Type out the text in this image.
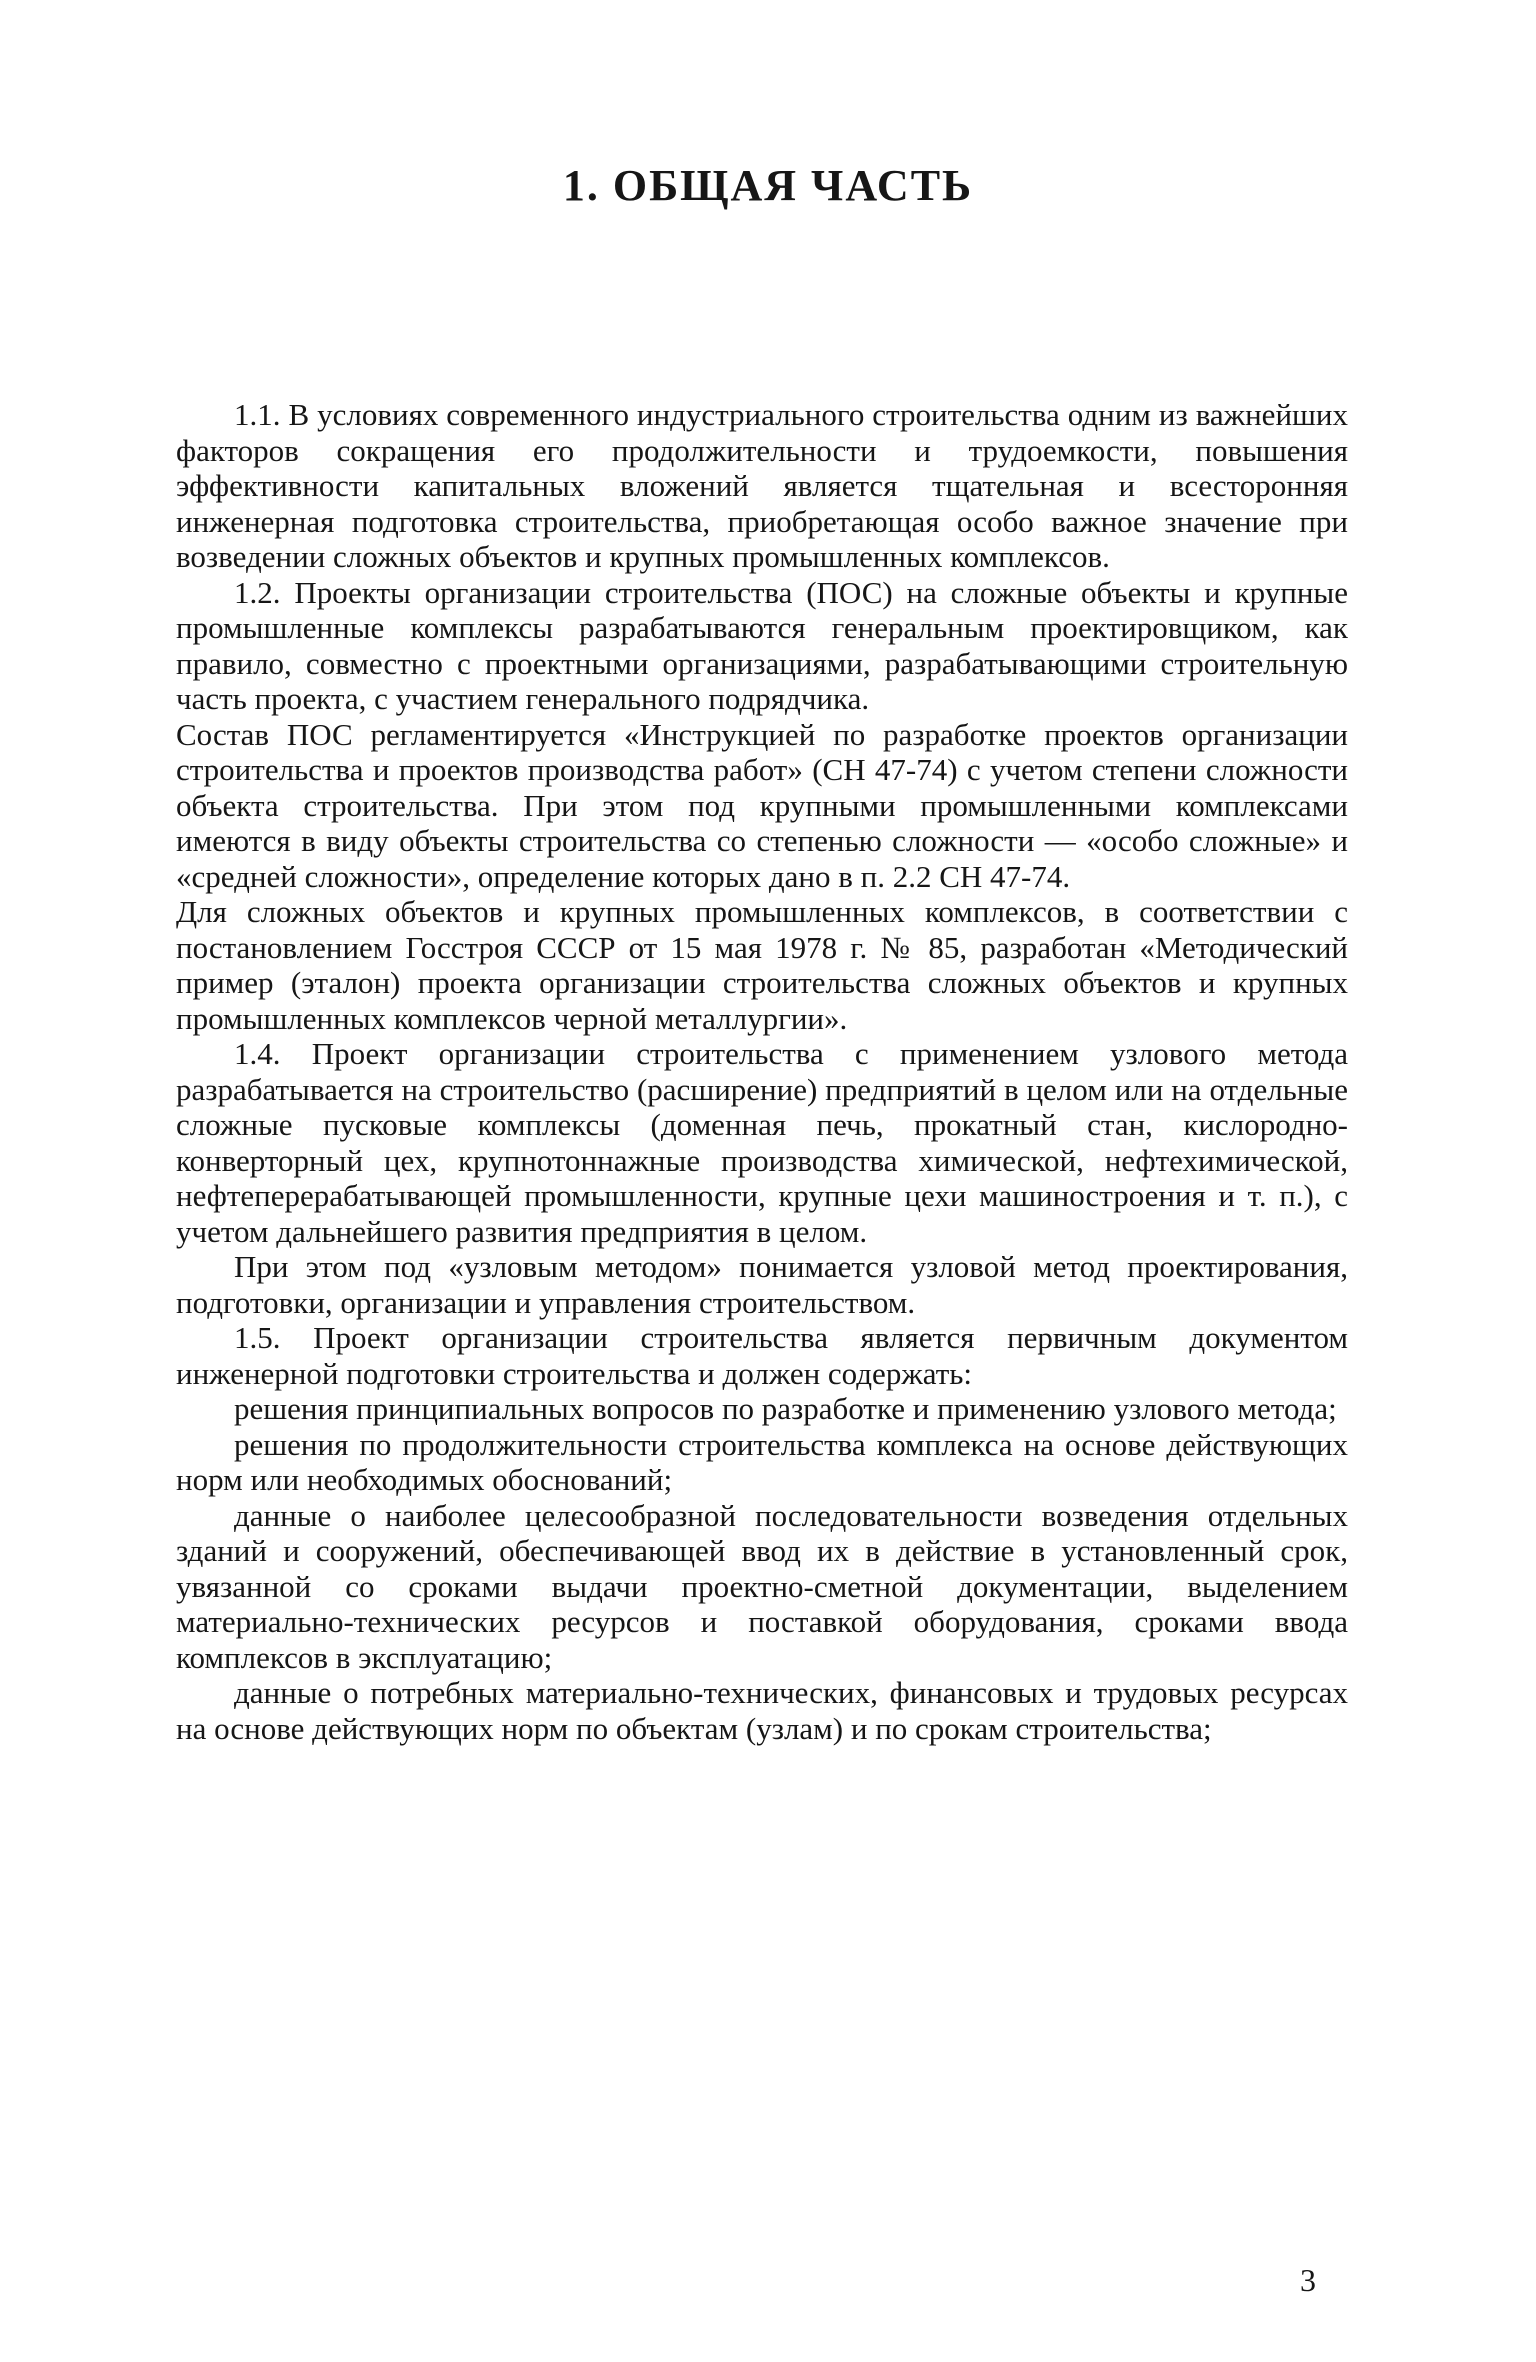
1. ОБЩАЯ ЧАСТЬ

1.1. В условиях современного индустриального строительства одним из важнейших факторов сокращения его продолжительности и трудоемкости, повышения эффективности капитальных вложений является тщательная и всесторонняя инженерная подготовка строительства, приобретающая особо важное значение при возведении сложных объектов и крупных промышленных комплексов.

1.2. Проекты организации строительства (ПОС) на сложные объекты и крупные промышленные комплексы разрабатываются генеральным проектировщиком, как правило, совместно с проектными организациями, разрабатывающими строительную часть проекта, с участием генерального подрядчика.

Состав ПОС регламентируется «Инструкцией по разработке проектов организации строительства и проектов производства работ» (СН 47-74) с учетом степени сложности объекта строительства. При этом под крупными промышленными комплексами имеются в виду объекты строительства со степенью сложности — «особо сложные» и «средней сложности», определение которых дано в п. 2.2 СН 47-74.

Для сложных объектов и крупных промышленных комплексов, в соответствии с постановлением Госстроя СССР от 15 мая 1978 г. № 85, разработан «Методический пример (эталон) проекта организации строительства сложных объектов и крупных промышленных комплексов черной металлургии».

1.4. Проект организации строительства с применением узлового метода разрабатывается на строительство (расширение) предприятий в целом или на отдельные сложные пусковые комплексы (доменная печь, прокатный стан, кислородно-конверторный цех, крупнотоннажные производства химической, нефтехимической, нефтеперерабатывающей промышленности, крупные цехи машиностроения и т. п.), с учетом дальнейшего развития предприятия в целом.

При этом под «узловым методом» понимается узловой метод проектирования, подготовки, организации и управления строительством.

1.5. Проект организации строительства является первичным документом инженерной подготовки строительства и должен содержать:

решения принципиальных вопросов по разработке и применению узлового метода;

решения по продолжительности строительства комплекса на основе действующих норм или необходимых обоснований;

данные о наиболее целесообразной последовательности возведения отдельных зданий и сооружений, обеспечивающей ввод их в действие в установленный срок, увязанной со сроками выдачи проектно-сметной документации, выделением материально-технических ресурсов и поставкой оборудования, сроками ввода комплексов в эксплуатацию;

данные о потребных материально-технических, финансовых и трудовых ресурсах на основе действующих норм по объектам (узлам) и по срокам строительства;

3
